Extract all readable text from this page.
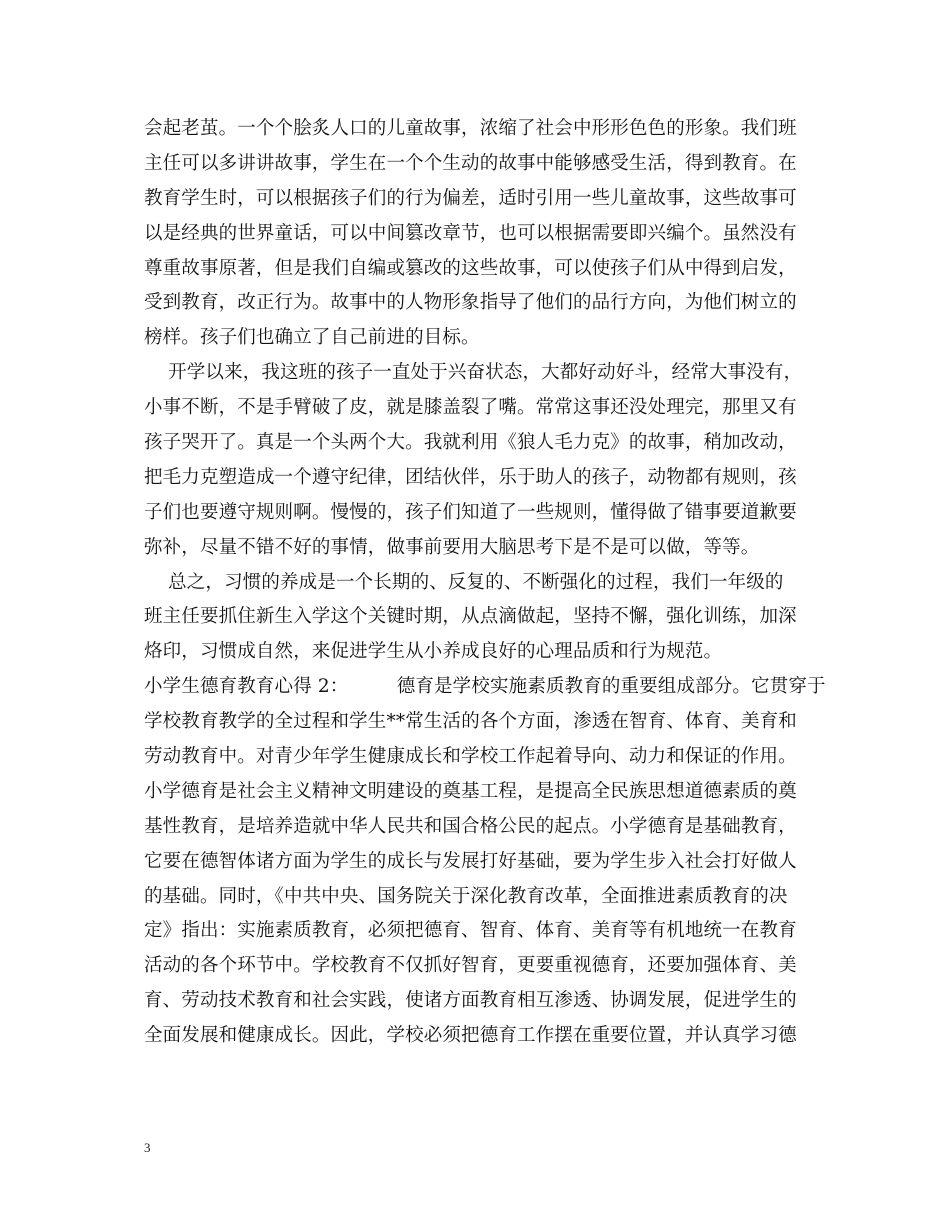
会起老茧。一个个脍炙人口的儿童故事，浓缩了社会中形形色色的形象。我们班
主任可以多讲讲故事，学生在一个个生动的故事中能够感受生活，得到教育。在
教育学生时，可以根据孩子们的行为偏差，适时引用一些儿童故事，这些故事可
以是经典的世界童话，可以中间篡改章节，也可以根据需要即兴编个。虽然没有
尊重故事原著，但是我们自编或篡改的这些故事，可以使孩子们从中得到启发，
受到教育，改正行为。故事中的人物形象指导了他们的品行方向，为他们树立的
榜样。孩子们也确立了自己前进的目标。
开学以来，我这班的孩子一直处于兴奋状态，大都好动好斗，经常大事没有，
小事不断，不是手臂破了皮，就是膝盖裂了嘴。常常这事还没处理完，那里又有
孩子哭开了。真是一个头两个大。我就利用《狼人毛力克》的故事，稍加改动，
把毛力克塑造成一个遵守纪律，团结伙伴，乐于助人的孩子，动物都有规则，孩
子们也要遵守规则啊。慢慢的，孩子们知道了一些规则，懂得做了错事要道歉要
弥补，尽量不错不好的事情，做事前要用大脑思考下是不是可以做，等等。
总之，习惯的养成是一个长期的、反复的、不断强化的过程，我们一年级的
班主任要抓住新生入学这个关键时期，从点滴做起，坚持不懈，强化训练，加深
烙印，习惯成自然，来促进学生从小养成良好的心理品质和行为规范。
小学生德育教育心得 2：        德育是学校实施素质教育的重要组成部分。它贯穿于
学校教育教学的全过程和学生**常生活的各个方面，渗透在智育、体育、美育和
劳动教育中。对青少年学生健康成长和学校工作起着导向、动力和保证的作用。
小学德育是社会主义精神文明建设的奠基工程，是提高全民族思想道德素质的奠
基性教育，是培养造就中华人民共和国合格公民的起点。小学德育是基础教育，
它要在德智体诸方面为学生的成长与发展打好基础，要为学生步入社会打好做人
的基础。同时，《中共中央、国务院关于深化教育改革，全面推进素质教育的决
定》指出：实施素质教育，必须把德育、智育、体育、美育等有机地统一在教育
活动的各个环节中。学校教育不仅抓好智育，更要重视德育，还要加强体育、美
育、劳动技术教育和社会实践，使诸方面教育相互渗透、协调发展，促进学生的
全面发展和健康成长。因此，学校必须把德育工作摆在重要位置，并认真学习德
3
